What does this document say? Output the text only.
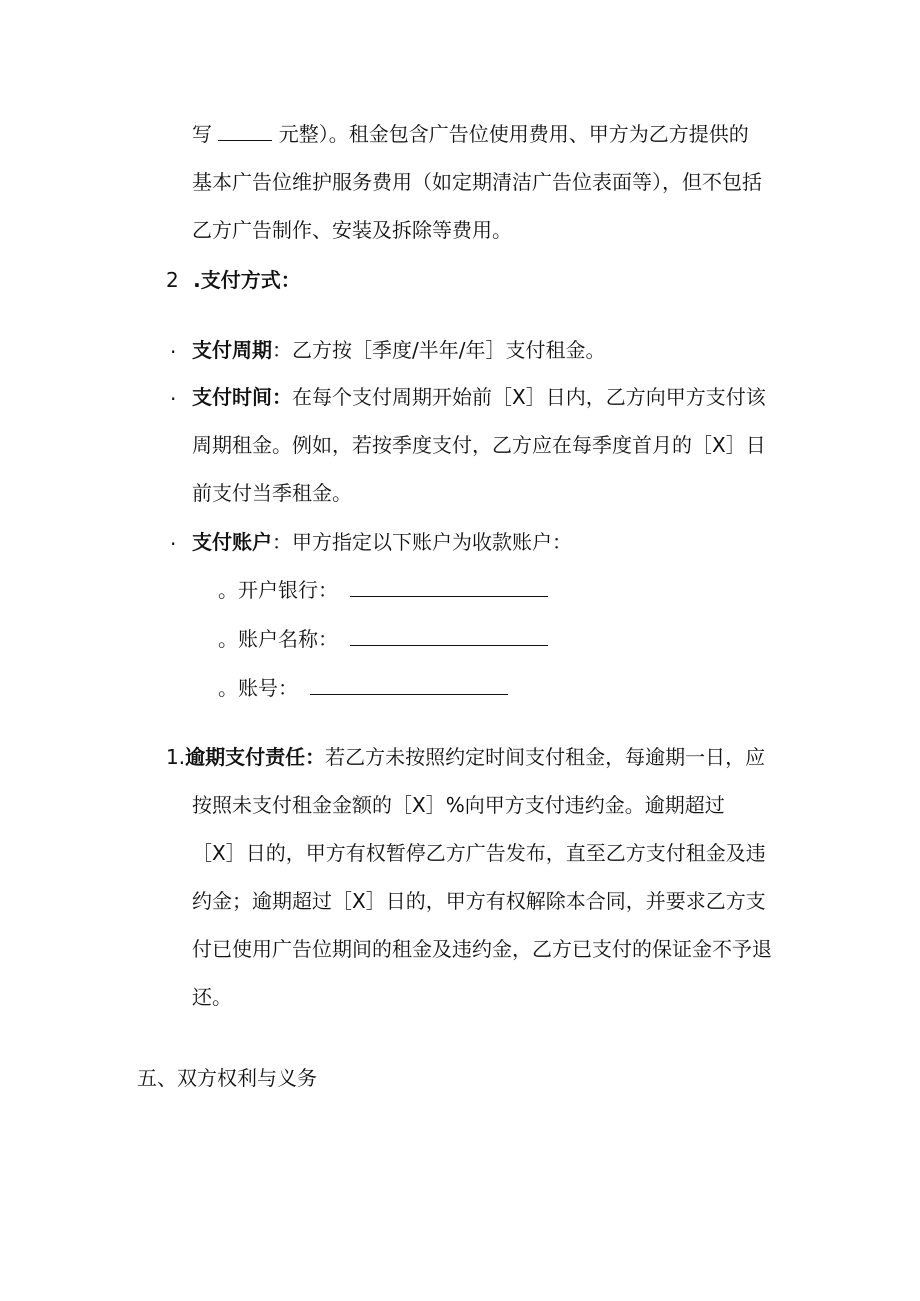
写	元整）。租金包含广告位使用费用、甲方为乙方提供的
基本广告位维护服务费用（如定期清洁广告位表面等），但不包括
乙方广告制作、安装及拆除等费用。
2 .支付方式：
· 支付周期：乙方按［季度/半年/年］支付租金。
· 支付时间：在每个支付周期开始前［X］日内，乙方向甲方支付该
周期租金。例如，若按季度支付，乙方应在每季度首月的［X］日
前支付当季租金。
· 支付账户：甲方指定以下账户为收款账户：
。开户银行：
。账户名称：
。账号：
1.逾期支付责任：若乙方未按照约定时间支付租金，每逾期一日，应
按照未支付租金金额的［X］%向甲方支付违约金。逾期超过
［X］日的，甲方有权暂停乙方广告发布，直至乙方支付租金及违
约金；逾期超过［X］日的，甲方有权解除本合同，并要求乙方支
付已使用广告位期间的租金及违约金，乙方已支付的保证金不予退
还。
五、双方权利与义务
